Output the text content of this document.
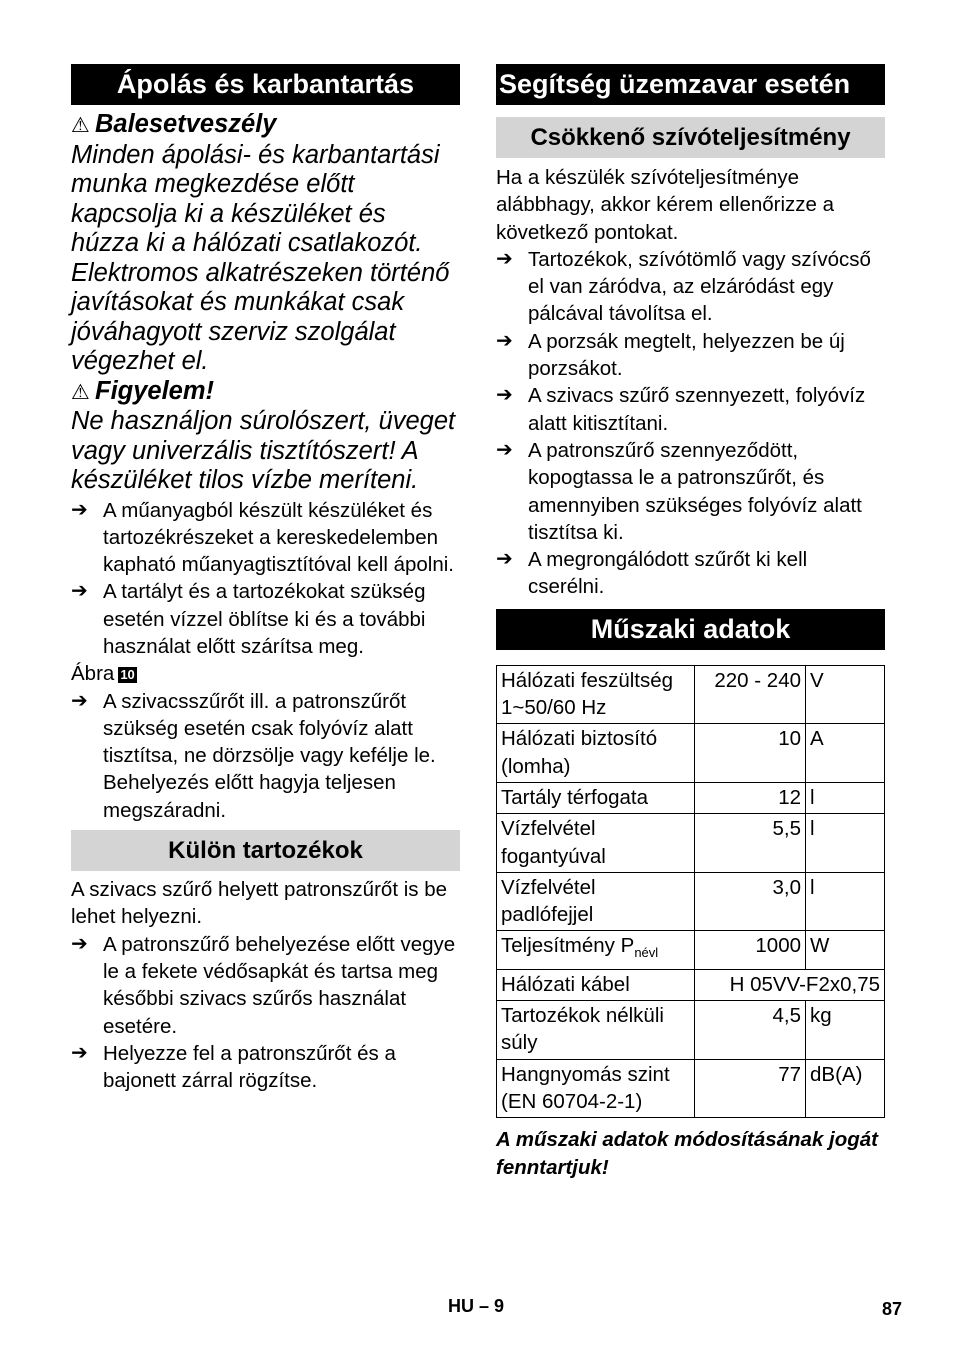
Ápolás és karbantartás
⚠ Balesetveszély

Minden ápolási- és karbantartási munka megkezdése előtt kapcsolja ki a készüléket és húzza ki a hálózati csatlakozót. Elektromos alkatrészeken történő javításokat és munkákat csak jóváhagyott szerviz szolgálat végezhet el.

⚠ Figyelem!

Ne használjon súrolószert, üveget vagy univerzális tisztítószert! A készüléket tilos vízbe meríteni.

➔ A műanyagból készült készüléket és tartozékrészeket a kereskedelemben kapható műanyagtisztítóval kell ápolni.
➔ A tartályt és a tartozékokat szükség esetén vízzel öblítse ki és a további használat előtt szárítsa meg.

Ábra 10

➔ A szivacsszűrőt ill. a patronszűrőt szükség esetén csak folyóvíz alatt tisztítsa, ne dörzsölje vagy kefélje le. Behelyezés előtt hagyja teljesen megszáradni.
Külön tartozékok

A szivacs szűrő helyett patronszűrőt is be lehet helyezni.

➔ A patronszűrő behelyezése előtt vegye le a fekete védősapkát és tartsa meg későbbi szivacs szűrős használat esetére.
➔ Helyezze fel a patronszűrőt és a bajonett zárral rögzítse.
Segítség üzemzavar esetén
Csökkenő szívóteljesítmény

Ha a készülék szívóteljesítménye alábbhagy, akkor kérem ellenőrizze a következő pontokat.

➔ Tartozékok, szívótömlő vagy szívócső el van záródva, az elzáródást egy pálcával távolítsa el.
➔ A porzsák megtelt, helyezzen be új porzsákot.
➔ A szivacs szűrő szennyezett, folyóvíz alatt kitisztítani.
➔ A patronszűrő szennyeződött, kopogtassa le a patronszűrőt, és amennyiben szükséges folyóvíz alatt tisztítsa ki.
➔ A megrongálódott szűrőt ki kell cserélni.
Műszaki adatok
Hálózati feszültség 1~50/60 Hz	220 - 240	V
Hálózati biztosító (lomha)	10	A
Tartály térfogata	12	l
Vízfelvétel fogantyúval	5,5	l
Vízfelvétel padlófejjel	3,0	l
Teljesítmény $P_{névl}$	1000	W
Hálózati kábel	H 05VV-F2x0,75	
Tartozékok nélküli súly	4,5	kg
Hangnyomás szint (EN 60704-2-1)	77	dB(A)

A műszaki adatok módosításának jogát fenntartjuk!

HU – 9	87
